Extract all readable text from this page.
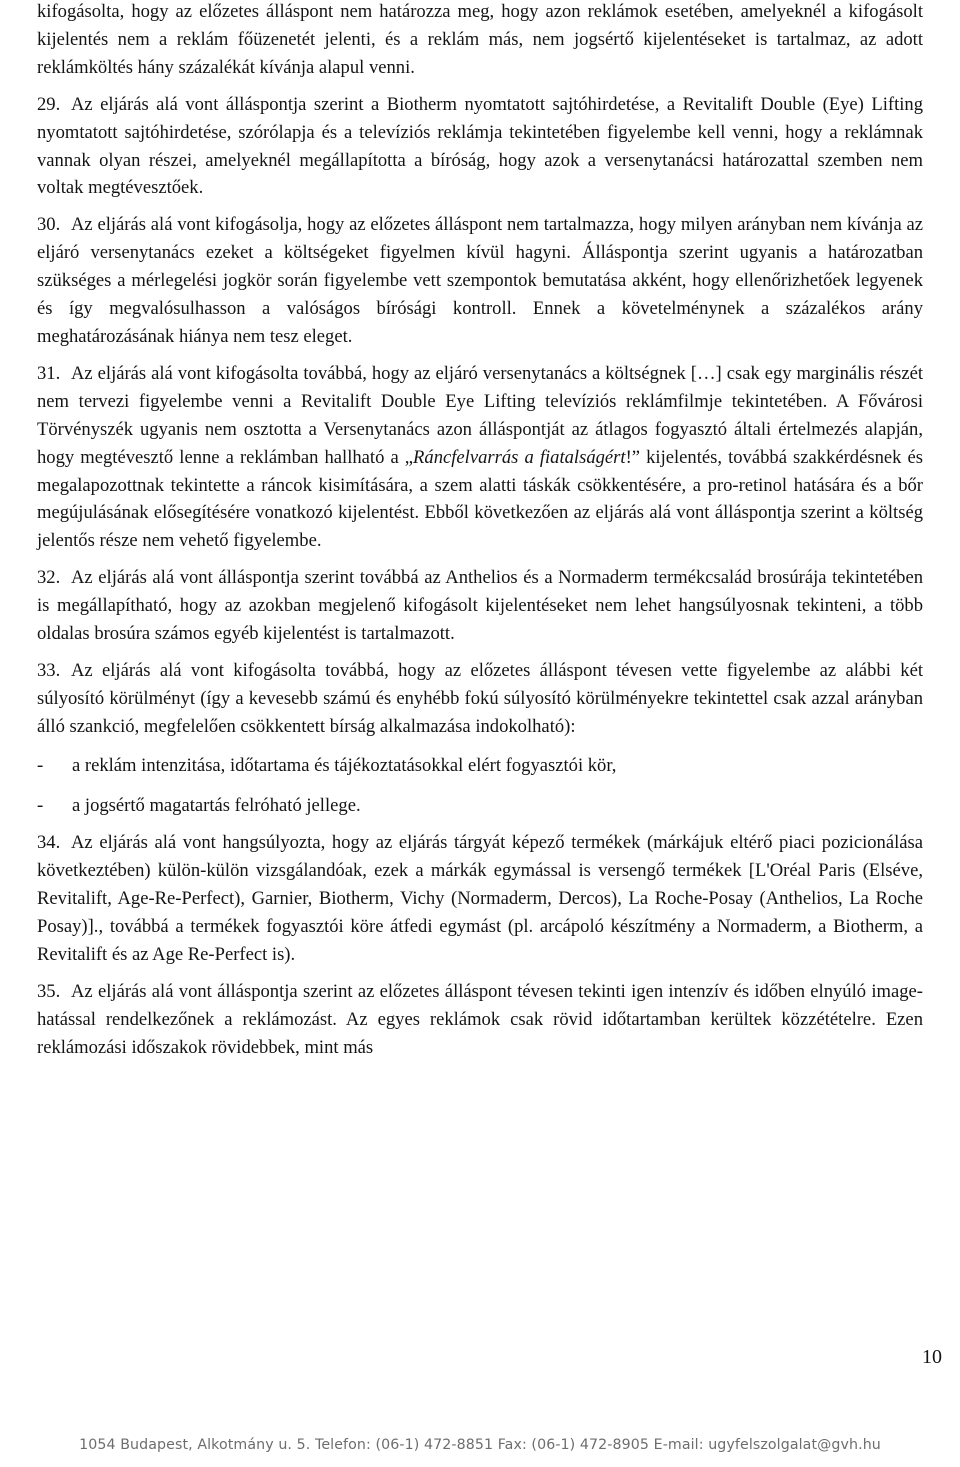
kifogásolta, hogy az előzetes álláspont nem határozza meg, hogy azon reklámok esetében, amelyeknél a kifogásolt kijelentés nem a reklám főüzenetét jelenti, és a reklám más, nem jogsértő kijelentéseket is tartalmaz, az adott reklámköltés hány százalékát kívánja alapul venni.

29. Az eljárás alá vont álláspontja szerint a Biotherm nyomtatott sajtóhirdetése, a Revitalift Double (Eye) Lifting nyomtatott sajtóhirdetése, szórólapja és a televíziós reklámja tekintetében figyelembe kell venni, hogy a reklámnak vannak olyan részei, amelyeknél megállapította a bíróság, hogy azok a versenytanácsi határozattal szemben nem voltak megtévesztőek.

30. Az eljárás alá vont kifogásolja, hogy az előzetes álláspont nem tartalmazza, hogy milyen arányban nem kívánja az eljáró versenytanács ezeket a költségeket figyelmen kívül hagyni. Álláspontja szerint ugyanis a határozatban szükséges a mérlegelési jogkör során figyelembe vett szempontok bemutatása akként, hogy ellenőrizhetőek legyenek és így megvalósulhasson a valóságos bírósági kontroll. Ennek a követelménynek a százalékos arány meghatározásának hiánya nem tesz eleget.

31. Az eljárás alá vont kifogásolta továbbá, hogy az eljáró versenytanács a költségnek […] csak egy marginális részét nem tervezi figyelembe venni a Revitalift Double Eye Lifting televíziós reklámfilmje tekintetében. A Fővárosi Törvényszék ugyanis nem osztotta a Versenytanács azon álláspontját az átlagos fogyasztó általi értelmezés alapján, hogy megtévesztő lenne a reklámban hallható a „Ráncfelvarrás a fiatalságért!” kijelentés, továbbá szakkérdésnek és megalapozottnak tekintette a ráncok kisimítására, a szem alatti táskák csökkentésére, a pro-retinol hatására és a bőr megújulásának elősegítésére vonatkozó kijelentést. Ebből következően az eljárás alá vont álláspontja szerint a költség jelentős része nem vehető figyelembe.

32. Az eljárás alá vont álláspontja szerint továbbá az Anthelios és a Normaderm termékcsalád brosúrája tekintetében is megállapítható, hogy az azokban megjelenő kifogásolt kijelentéseket nem lehet hangsúlyosnak tekinteni, a több oldalas brosúra számos egyéb kijelentést is tartalmazott.

33. Az eljárás alá vont kifogásolta továbbá, hogy az előzetes álláspont tévesen vette figyelembe az alábbi két súlyosító körülményt (így a kevesebb számú és enyhébb fokú súlyosító körülményekre tekintettel csak azzal arányban álló szankció, megfelelően csökkentett bírság alkalmazása indokolható):

- a reklám intenzitása, időtartama és tájékoztatásokkal elért fogyasztói kör,

- a jogsértő magatartás felróható jellege.

34. Az eljárás alá vont hangsúlyozta, hogy az eljárás tárgyát képező termékek (márkájuk eltérő piaci pozicionálása következtében) külön-külön vizsgálandóak, ezek a márkák egymással is versengő termékek [L'Oréal Paris (Elséve, Revitalift, Age-Re-Perfect), Garnier, Biotherm, Vichy (Normaderm, Dercos), La Roche-Posay (Anthelios, La Roche Posay)]., továbbá a termékek fogyasztói köre átfedi egymást (pl. arcápoló készítmény a Normaderm, a Biotherm, a Revitalift és az Age Re-Perfect is).

35. Az eljárás alá vont álláspontja szerint az előzetes álláspont tévesen tekinti igen intenzív és időben elnyúló image-hatással rendelkezőnek a reklámozást. Az egyes reklámok csak rövid időtartamban kerültek közzétételre. Ezen reklámozási időszakok rövidebbek, mint más

10
1054 Budapest, Alkotmány u. 5. Telefon: (06-1) 472-8851 Fax: (06-1) 472-8905 E-mail: ugyfelszolgalat@gvh.hu
